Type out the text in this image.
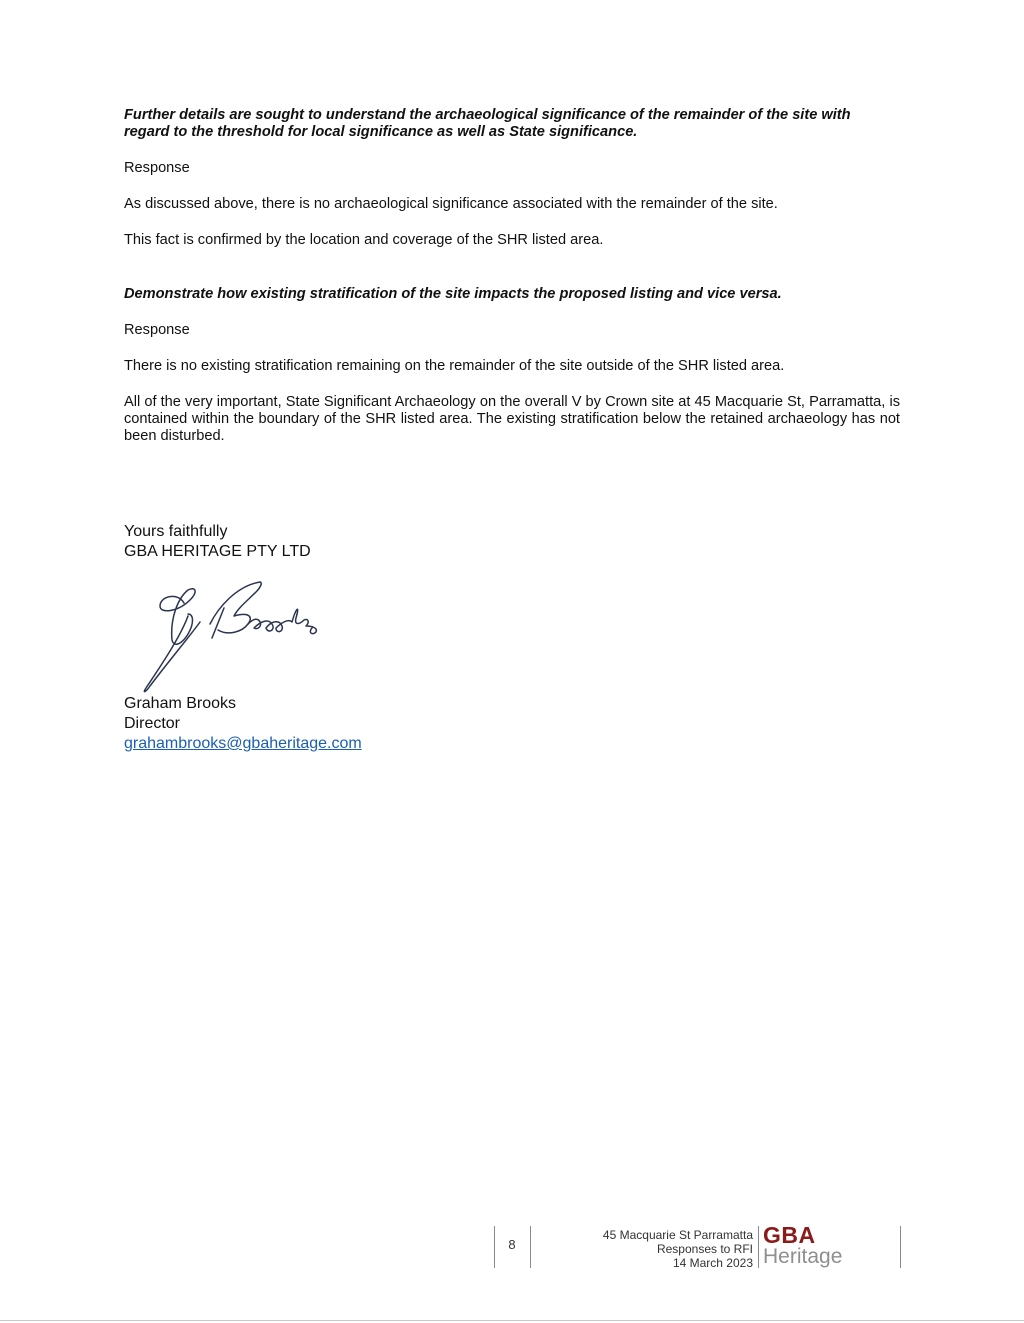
Further details are sought to understand the archaeological significance of the remainder of the site with regard to the threshold for local significance as well as State significance.

Response

As discussed above, there is no archaeological significance associated with the remainder of the site.

This fact is confirmed by the location and coverage of the SHR listed area.

Demonstrate how existing stratification of the site impacts the proposed listing and vice versa.

Response

There is no existing stratification remaining on the remainder of the site outside of the SHR listed area.

All of the very important, State Significant Archaeology on the overall V by Crown site at 45 Macquarie St, Parramatta, is contained within the boundary of the SHR listed area. The existing stratification below the retained archaeology has not been disturbed.

Yours faithfully
GBA HERITAGE PTY LTD
Graham Brooks
Director
grahambrooks@gbaheritage.com
8
45 Macquarie St Parramatta
Responses to RFI
14 March 2023
GBA
Heritage
